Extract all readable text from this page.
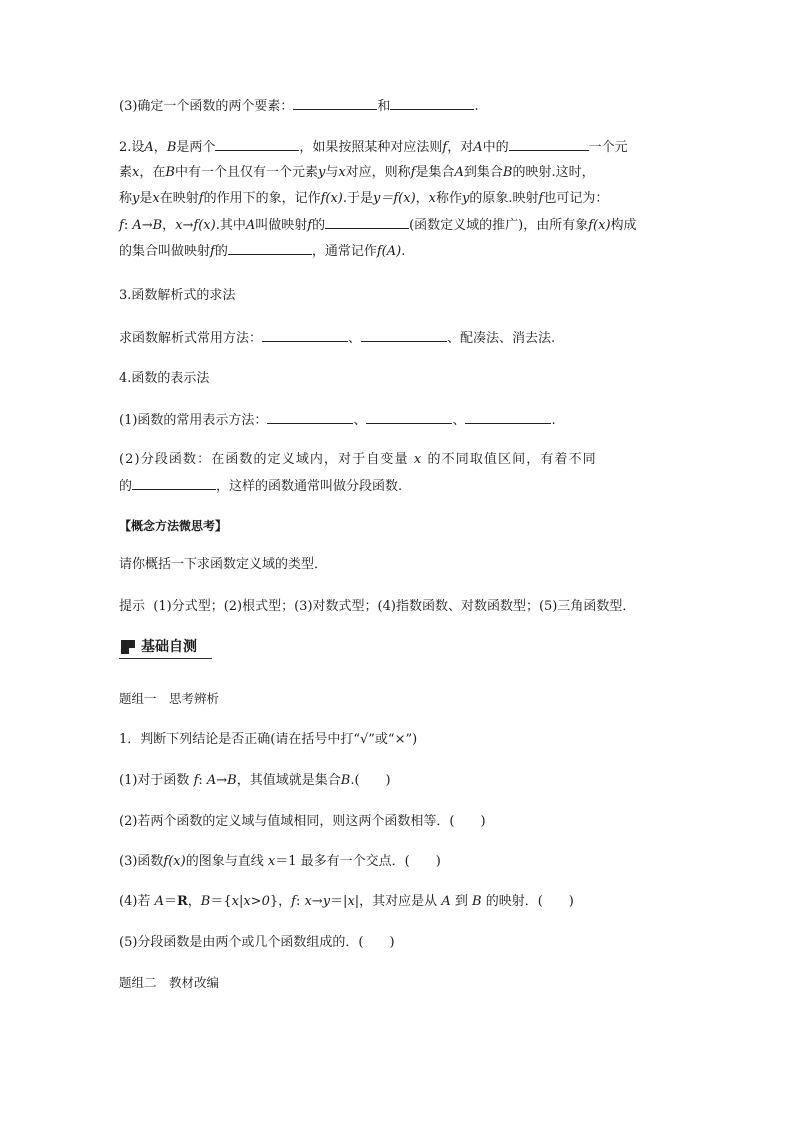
(3)确定一个函数的两个要素：	和	.
2.设A，B是两个	，如果按照某种对应法则f，对A中的	一个元
素x，在B中有一个且仅有一个元素y与x对应，则称f是集合A到集合B的映射.这时，
称y是x在映射f的作用下的象，记作f(x).于是y＝f(x)，x称作y的原象.映射f也可记为：
f: A→B，x→f(x).其中A叫做映射f的	(函数定义域的推广)，由所有象f(x)构成
的集合叫做映射f的	，通常记作f(A).
3.函数解析式的求法
求函数解析式常用方法：	、	、配凑法、消去法.
4.函数的表示法
(1)函数的常用表示方法：	、	、	.
(2)分段函数：在函数的定义域内，对于自变量 x 的不同取值区间，有着不同
的	，这样的函数通常叫做分段函数.
【概念方法微思考】
请你概括一下求函数定义域的类型．
提示 (1)分式型；(2)根式型；(3)对数式型；(4)指数函数、对数函数型；(5)三角函数型．
基础自测
题组一　思考辨析
1．判断下列结论是否正确(请在括号中打“√”或“×”)
(1)对于函数 f: A→B，其值域就是集合B.(　　)
(2)若两个函数的定义域与值域相同，则这两个函数相等．(　　)
(3)函数f(x)的图象与直线 x＝1 最多有一个交点．(　　)
(4)若 A＝R，B＝{x|x>0}，f: x→y＝|x|，其对应是从 A 到 B 的映射．(　　)
(5)分段函数是由两个或几个函数组成的．(　　)
题组二　教材改编
